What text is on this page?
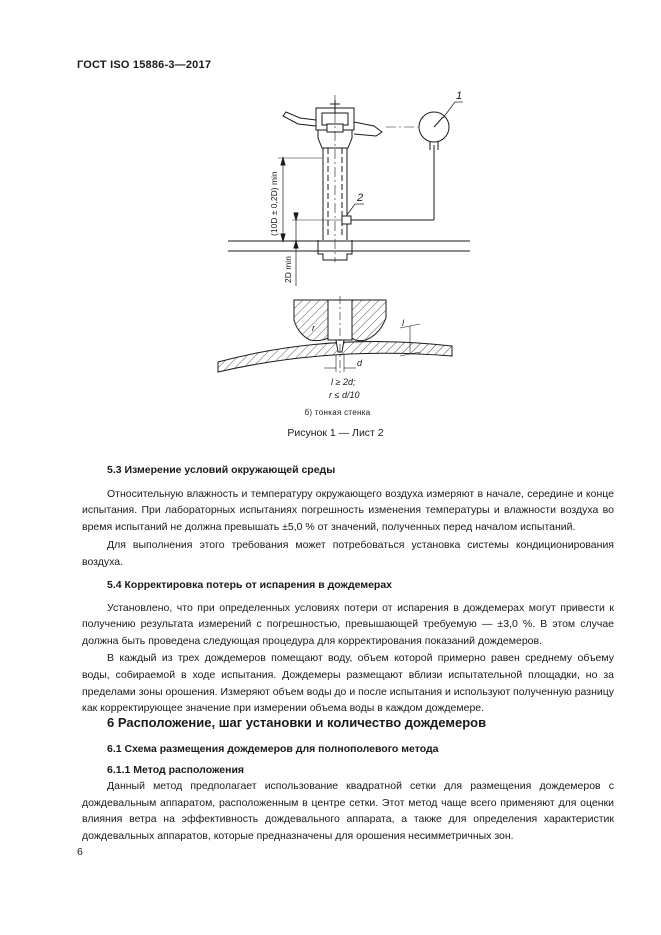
ГОСТ ISO 15886-3—2017
1
2
(10D ± 0,2D) min
2D min
r	l
d
l ≥ 2d;
r ≤ d/10
б) тонкая стенка
Рисунок 1 — Лист 2

5.3 Измерение условий окружающей среды

Относительную влажность и температуру окружающего воздуха измеряют в начале, середине и конце испытания. При лабораторных испытаниях погрешность изменения температуры и влажности воздуха во время испытаний не должна превышать ±5,0 % от значений, полученных перед началом испытаний.

Для выполнения этого требования может потребоваться установка системы кондиционирования воздуха.

5.4 Корректировка потерь от испарения в дождемерах

Установлено, что при определенных условиях потери от испарения в дождемерах могут привести к получению результата измерений с погрешностью, превышающей требуемую — ±3,0 %. В этом случае должна быть проведена следующая процедура для корректирования показаний дождемеров.

В каждый из трех дождемеров помещают воду, объем которой примерно равен среднему объему воды, собираемой в ходе испытания. Дождемеры размещают вблизи испытательной площадки, но за пределами зоны орошения. Измеряют объем воды до и после испытания и используют полученную разницу как корректирующее значение при измерении объема воды в каждом дождемере.

6 Расположение, шаг установки и количество дождемеров

6.1 Схема размещения дождемеров для полнополевого метода

6.1.1 Метод расположения

Данный метод предполагает использование квадратной сетки для размещения дождемеров с дождевальным аппаратом, расположенным в центре сетки. Этот метод чаще всего применяют для оценки влияния ветра на эффективность дождевального аппарата, а также для определения характеристик дождевальных аппаратов, которые предназначены для орошения несимметричных зон.

6
